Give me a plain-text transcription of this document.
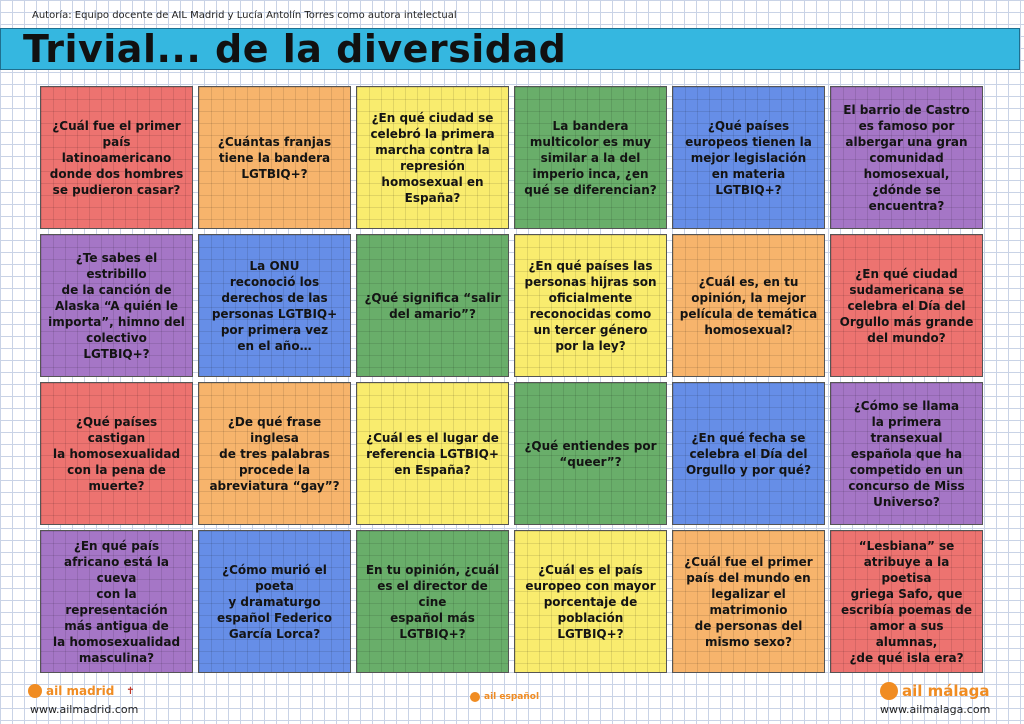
Autoría: Equipo docente de AIL Madrid y Lucía Antolín Torres como autora intelectual
Trivial... de la diversidad
¿Cuál fue el primer
país latinoamericano
donde dos hombres
se pudieron casar?
¿Cuántas franjas
tiene la bandera
LGTBIQ+?
¿En qué ciudad se
celebró la primera
marcha contra la
represión
homosexual en
España?
La bandera
multicolor es muy
similar a la del
imperio inca, ¿en
qué se diferencian?
¿Qué países
europeos tienen la
mejor legislación
en materia LGTBIQ+?
El barrio de Castro
es famoso por
albergar una gran
comunidad
homosexual,
¿dónde se
encuentra?
¿Te sabes el estribillo
de la canción de
Alaska “A quién le
importa”, himno del
colectivo
LGTBIQ+?
La ONU
reconoció los
derechos de las
personas LGTBIQ+
por primera vez
en el año…
¿Qué significa “salir
del amario”?
¿En qué países las
personas hijras son
oficialmente
reconocidas como
un tercer género
por la ley?
¿Cuál es, en tu
opinión, la mejor
película de temática
homosexual?
¿En qué ciudad
sudamericana se
celebra el Día del
Orgullo más grande
del mundo?
¿Qué países castigan
la homosexualidad
con la pena de
muerte?
¿De qué frase inglesa
de tres palabras
procede la
abreviatura “gay”?
¿Cuál es el lugar de
referencia LGTBIQ+
en España?
¿Qué entiendes por
“queer”?
¿En qué fecha se
celebra el Día del
Orgullo y por qué?
¿Cómo se llama
la primera transexual
española que ha
competido en un
concurso de Miss
Universo?
¿En qué país
africano está la cueva
con la representación
más antigua de
la homosexualidad
masculina?
¿Cómo murió el
poeta
y dramaturgo
español Federico
García Lorca?
En tu opinión, ¿cuál
es el director de cine
español más
LGTBIQ+?
¿Cuál es el país
europeo con mayor
porcentaje de
población
LGTBIQ+?
¿Cuál fue el primer
país del mundo en
legalizar el
matrimonio
de personas del
mismo sexo?
“Lesbiana” se
atribuye a la poetisa
griega Safo, que
escribía poemas de
amor a sus alumnas,
¿de qué isla era?
ail madrid ✝
www.ailmadrid.com
ail español	ail málaga
www.ailmalaga.com
